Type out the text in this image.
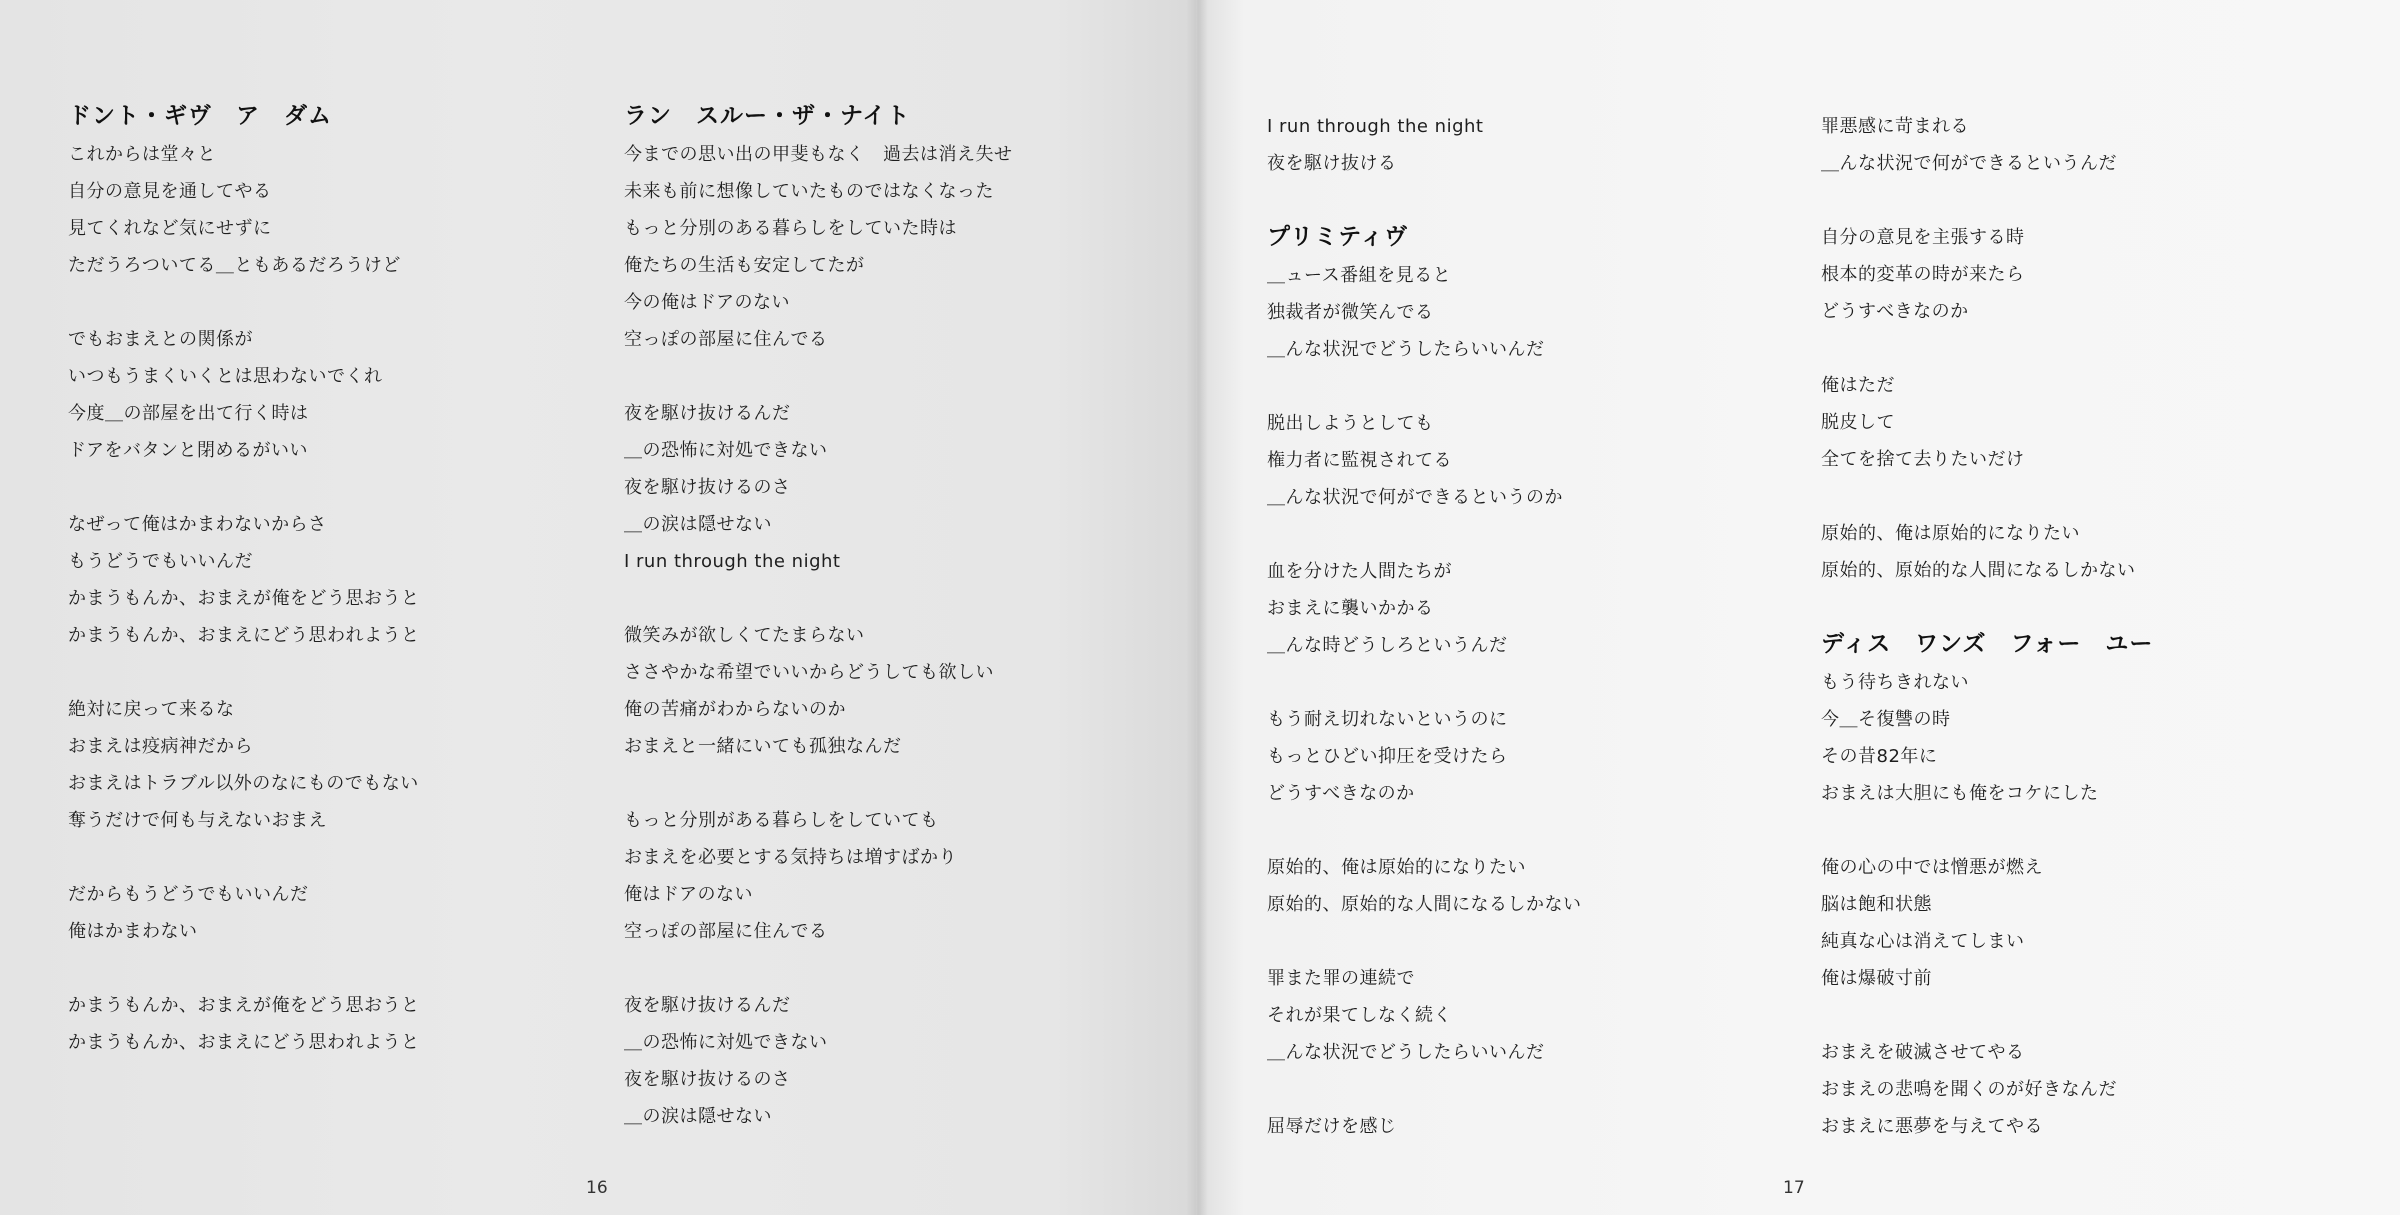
ドント・ギヴ　ア　ダム

これからは堂々と

自分の意見を通してやる

見てくれなど気にせずに

ただうろついてる＿ともあるだろうけど

でもおまえとの関係が

いつもうまくいくとは思わないでくれ

今度＿の部屋を出て行く時は

ドアをバタンと閉めるがいい

なぜって俺はかまわないからさ

もうどうでもいいんだ

かまうもんか、おまえが俺をどう思おうと

かまうもんか、おまえにどう思われようと

絶対に戻って来るな

おまえは疫病神だから

おまえはトラブル以外のなにものでもない

奪うだけで何も与えないおまえ

だからもうどうでもいいんだ

俺はかまわない

かまうもんか、おまえが俺をどう思おうと

かまうもんか、おまえにどう思われようと

ラン　スルー・ザ・ナイト

今までの思い出の甲斐もなく　過去は消え失せ

未来も前に想像していたものではなくなった

もっと分別のある暮らしをしていた時は

俺たちの生活も安定してたが

今の俺はドアのない

空っぽの部屋に住んでる

夜を駆け抜けるんだ

＿の恐怖に対処できない

夜を駆け抜けるのさ

＿の涙は隠せない

I run through the night

微笑みが欲しくてたまらない

ささやかな希望でいいからどうしても欲しい

俺の苦痛がわからないのか

おまえと一緒にいても孤独なんだ

もっと分別がある暮らしをしていても

おまえを必要とする気持ちは増すばかり

俺はドアのない

空っぽの部屋に住んでる

夜を駆け抜けるんだ

＿の恐怖に対処できない

夜を駆け抜けるのさ

＿の涙は隠せない

16

I run through the night

夜を駆け抜ける

プリミティヴ

＿ュース番組を見ると

独裁者が微笑んでる

＿んな状況でどうしたらいいんだ

脱出しようとしても

権力者に監視されてる

＿んな状況で何ができるというのか

血を分けた人間たちが

おまえに襲いかかる

＿んな時どうしろというんだ

もう耐え切れないというのに

もっとひどい抑圧を受けたら

どうすべきなのか

原始的、俺は原始的になりたい

原始的、原始的な人間になるしかない

罪また罪の連続で

それが果てしなく続く

＿んな状況でどうしたらいいんだ

屈辱だけを感じ

罪悪感に苛まれる

＿んな状況で何ができるというんだ

自分の意見を主張する時

根本的変革の時が来たら

どうすべきなのか

俺はただ

脱皮して

全てを捨て去りたいだけ

原始的、俺は原始的になりたい

原始的、原始的な人間になるしかない

ディス　ワンズ　フォー　ユー

もう待ちきれない

今＿そ復讐の時

その昔82年に

おまえは大胆にも俺をコケにした

俺の心の中では憎悪が燃え

脳は飽和状態

純真な心は消えてしまい

俺は爆破寸前

おまえを破滅させてやる

おまえの悲鳴を聞くのが好きなんだ

おまえに悪夢を与えてやる

17
